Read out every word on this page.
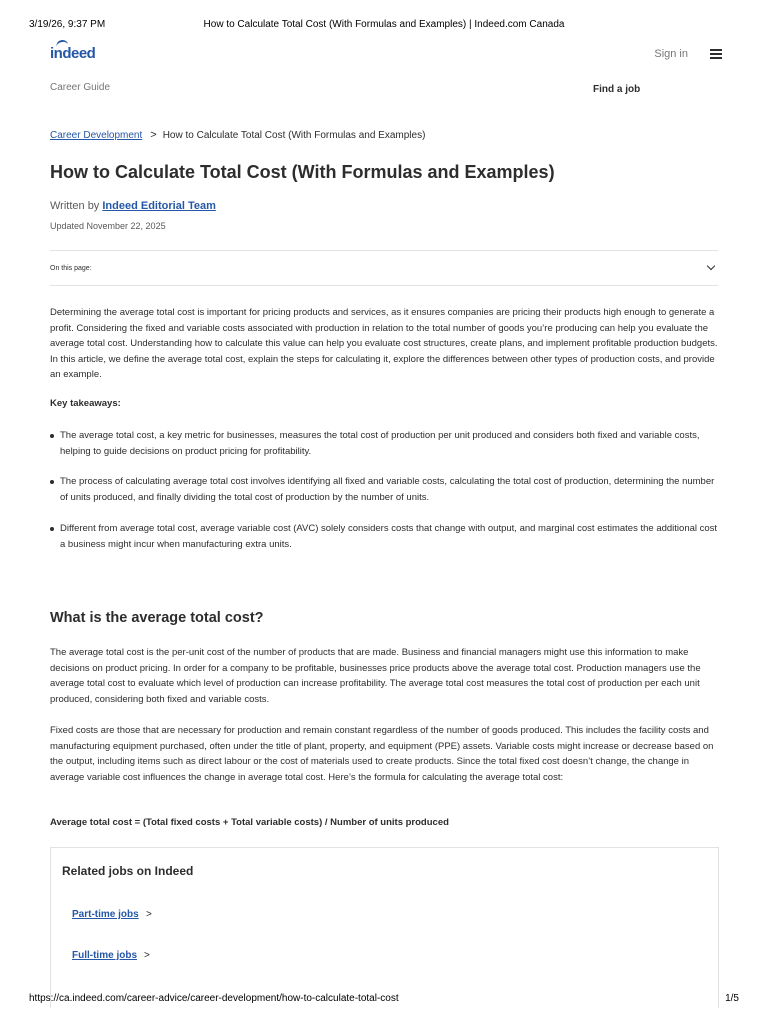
3/19/26, 9:37 PM	How to Calculate Total Cost (With Formulas and Examples) | Indeed.com Canada
indeed	Sign in
Career Guide	Find a job
Career Development > How to Calculate Total Cost (With Formulas and Examples)
How to Calculate Total Cost (With Formulas and Examples)
Written by Indeed Editorial Team
Updated November 22, 2025
On this page:

Determining the average total cost is important for pricing products and services, as it ensures companies are pricing their products high enough to generate a profit. Considering the fixed and variable costs associated with production in relation to the total number of goods you’re producing can help you evaluate the average total cost. Understanding how to calculate this value can help you evaluate cost structures, create plans, and implement profitable production budgets. In this article, we define the average total cost, explain the steps for calculating it, explore the differences between other types of production costs, and provide an example.

Key takeaways:
The average total cost, a key metric for businesses, measures the total cost of production per unit produced and considers both fixed and variable costs, helping to guide decisions on product pricing for profitability.
The process of calculating average total cost involves identifying all fixed and variable costs, calculating the total cost of production, determining the number of units produced, and finally dividing the total cost of production by the number of units.
Different from average total cost, average variable cost (AVC) solely considers costs that change with output, and marginal cost estimates the additional cost a business might incur when manufacturing extra units.
What is the average total cost?

The average total cost is the per-unit cost of the number of products that are made. Business and financial managers might use this information to make decisions on product pricing. In order for a company to be profitable, businesses price products above the average total cost. Production managers use the average total cost to evaluate which level of production can increase profitability. The average total cost measures the total cost of production per each unit produced, considering both fixed and variable costs.

Fixed costs are those that are necessary for production and remain constant regardless of the number of goods produced. This includes the facility costs and manufacturing equipment purchased, often under the title of plant, property, and equipment (PPE) assets. Variable costs might increase or decrease based on the output, including items such as direct labour or the cost of materials used to create products. Since the total fixed cost doesn’t change, the change in average variable cost influences the change in average total cost. Here’s the formula for calculating the average total cost:

Average total cost = (Total fixed costs + Total variable costs) / Number of units produced
Related jobs on Indeed
Part-time jobs >
Full-time jobs >
https://ca.indeed.com/career-advice/career-development/how-to-calculate-total-cost	1/5
